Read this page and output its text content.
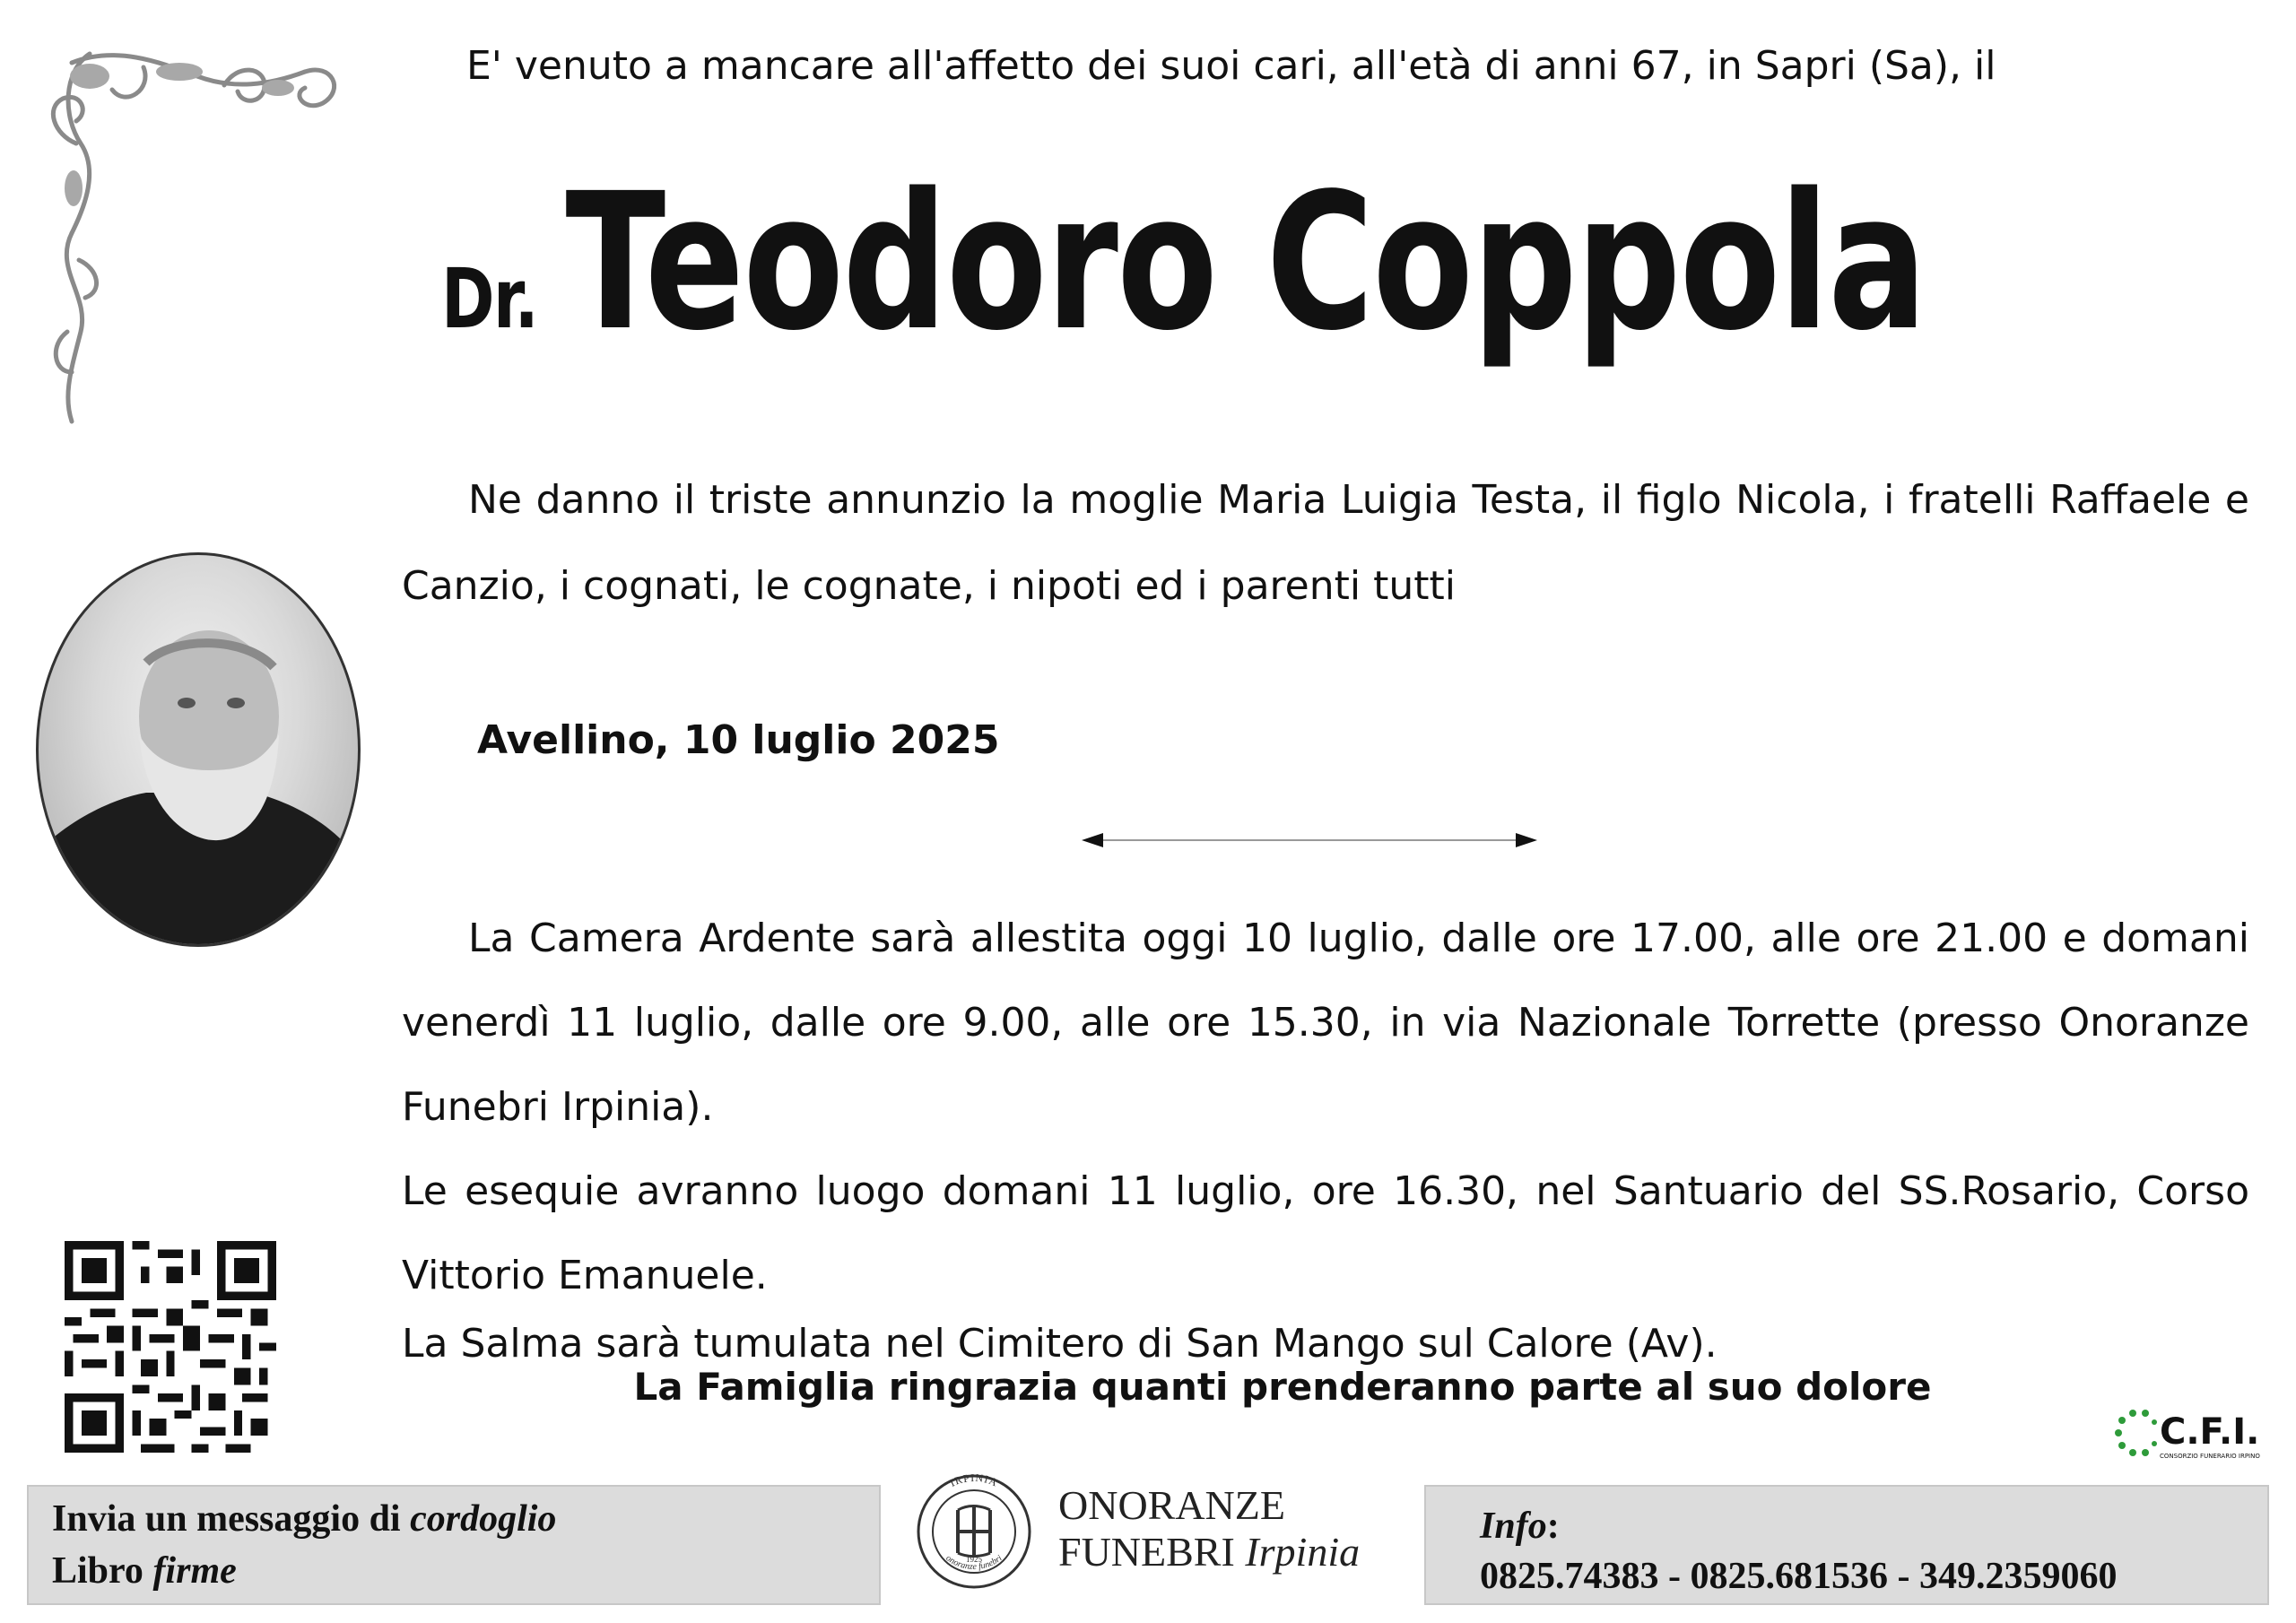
E' venuto a mancare all'affetto dei suoi cari, all'età di anni 67, in Sapri (Sa), il
Dr. Teodoro Coppola
Ne danno il triste annunzio la moglie Maria Luigia Testa, il figlo Nicola, i fratelli Raffaele e Canzio, i cognati, le cognate, i nipoti ed i parenti tutti
Avellino, 10 luglio 2025
La Camera Ardente sarà allestita oggi 10 luglio, dalle ore 17.00, alle ore 21.00 e domani venerdì 11 luglio, dalle ore 9.00, alle ore 15.30, in via Nazionale Torrette (presso Onoranze Funebri Irpinia).
Le esequie avranno luogo domani 11 luglio, ore 16.30, nel Santuario del SS.Rosario, Corso Vittorio Emanuele.
La Salma sarà tumulata nel Cimitero di San Mango sul Calore (Av).
La Famiglia ringrazia quanti prenderanno parte al suo dolore
Invia un messaggio di cordoglio
Libro firme
IRPINIA
onoranze funebri
1925
ONORANZE
FUNEBRI Irpinia
Info:
0825.74383 - 0825.681536 - 349.2359060
C.F.I.
CONSORZIO FUNERARIO IRPINO
